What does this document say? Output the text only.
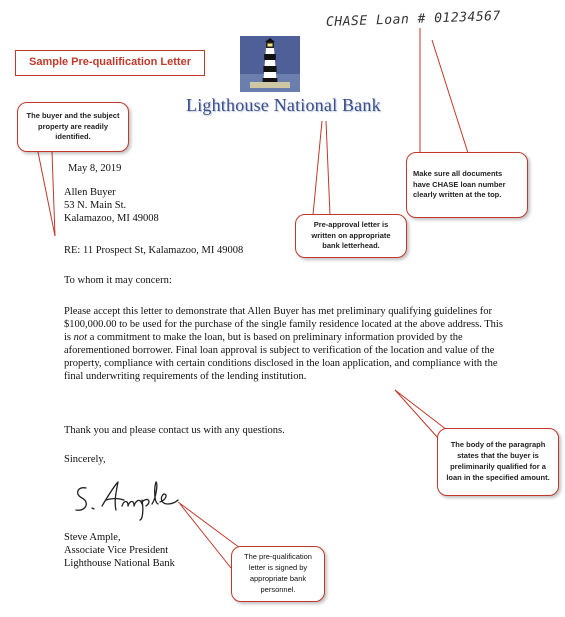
Sample Pre-qualification Letter
CHASE Loan # 01234567
Lighthouse National Bank
The buyer and the subject property are readily identified.
Make sure all documents have CHASE loan number clearly written at the top.
Pre-approval letter is written on appropriate bank letterhead.
The body of the paragraph states that the buyer is preliminarily qualified for a loan in the specified amount.
The pre-qualification letter is signed by appropriate bank personnel.
May 8, 2019
Allen Buyer
53 N. Main St.
Kalamazoo, MI 49008
RE: 11 Prospect St, Kalamazoo, MI 49008
To whom it may concern:
Please accept this letter to demonstrate that Allen Buyer has met preliminary qualifying guidelines for $100,000.00 to be used for the purchase of the single family residence located at the above address. This is not a commitment to make the loan, but is based on preliminary information provided by the aforementioned borrower. Final loan approval is subject to verification of the location and value of the property, compliance with certain conditions disclosed in the loan application, and compliance with the final underwriting requirements of the lending institution.
Thank you and please contact us with any questions.
Sincerely,
Steve Ample,
Associate Vice President
Lighthouse National Bank
